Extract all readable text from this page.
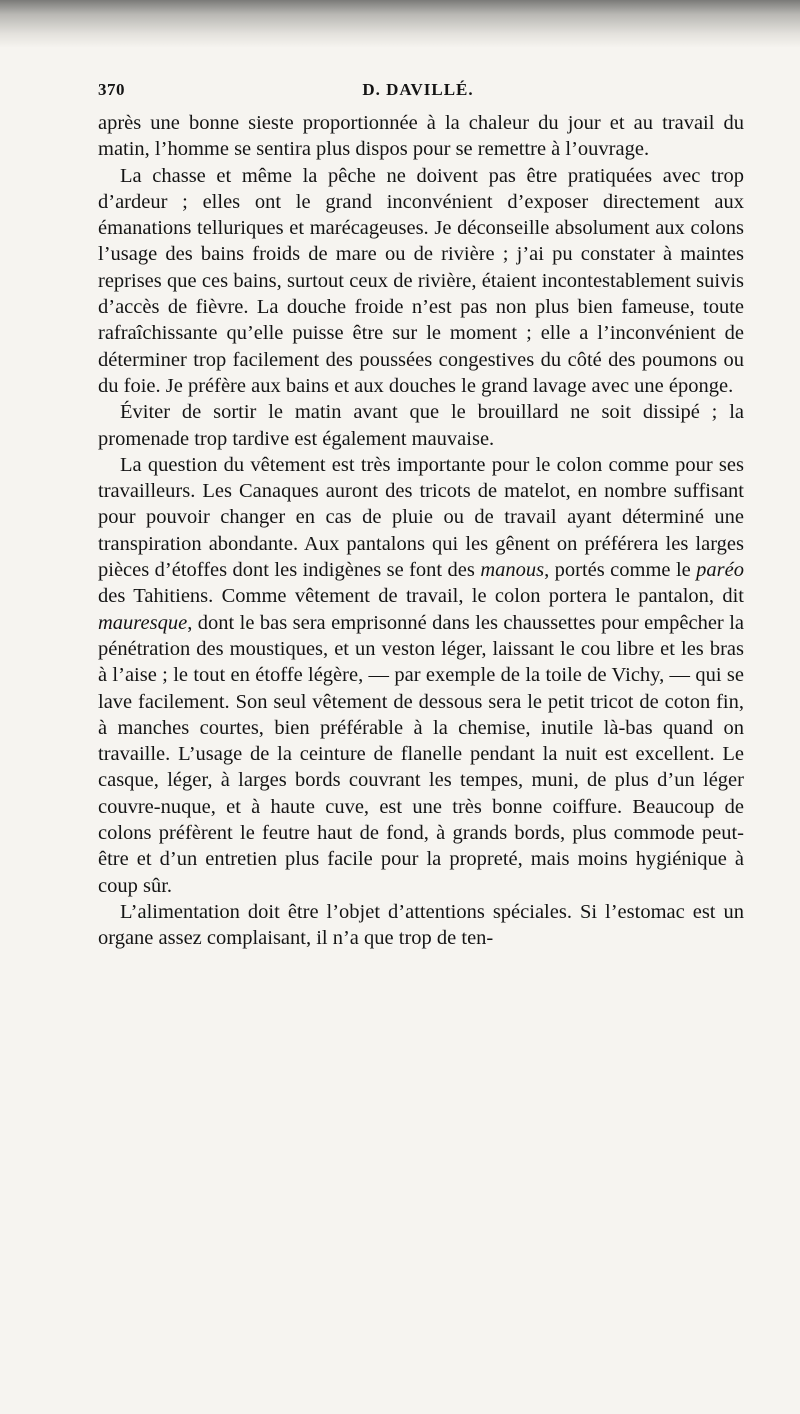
370	D. DAVILLÉ.

après une bonne sieste proportionnée à la chaleur du jour et au travail du matin, l’homme se sentira plus dispos pour se remettre à l’ouvrage.

La chasse et même la pêche ne doivent pas être pratiquées avec trop d’ardeur ; elles ont le grand inconvénient d’exposer directement aux émanations telluriques et marécageuses. Je déconseille absolument aux colons l’usage des bains froids de mare ou de rivière ; j’ai pu constater à maintes reprises que ces bains, surtout ceux de rivière, étaient incontestablement suivis d’accès de fièvre. La douche froide n’est pas non plus bien fameuse, toute rafraîchissante qu’elle puisse être sur le moment ; elle a l’inconvénient de déterminer trop facilement des poussées congestives du côté des poumons ou du foie. Je préfère aux bains et aux douches le grand lavage avec une éponge.

Éviter de sortir le matin avant que le brouillard ne soit dissipé ; la promenade trop tardive est également mauvaise.

La question du vêtement est très importante pour le colon comme pour ses travailleurs. Les Canaques auront des tricots de matelot, en nombre suffisant pour pouvoir changer en cas de pluie ou de travail ayant déterminé une transpiration abondante. Aux pantalons qui les gênent on préférera les larges pièces d’étoffes dont les indigènes se font des manous, portés comme le paréo des Tahitiens. Comme vêtement de travail, le colon portera le pantalon, dit mauresque, dont le bas sera emprisonné dans les chaussettes pour empêcher la pénétration des moustiques, et un veston léger, laissant le cou libre et les bras à l’aise ; le tout en étoffe légère, — par exemple de la toile de Vichy, — qui se lave facilement. Son seul vêtement de dessous sera le petit tricot de coton fin, à manches courtes, bien préférable à la chemise, inutile là-bas quand on travaille. L’usage de la ceinture de flanelle pendant la nuit est excellent. Le casque, léger, à larges bords couvrant les tempes, muni, de plus d’un léger couvre-nuque, et à haute cuve, est une très bonne coiffure. Beaucoup de colons préfèrent le feutre haut de fond, à grands bords, plus commode peut-être et d’un entretien plus facile pour la propreté, mais moins hygiénique à coup sûr.

L’alimentation doit être l’objet d’attentions spéciales. Si l’estomac est un organe assez complaisant, il n’a que trop de ten-
